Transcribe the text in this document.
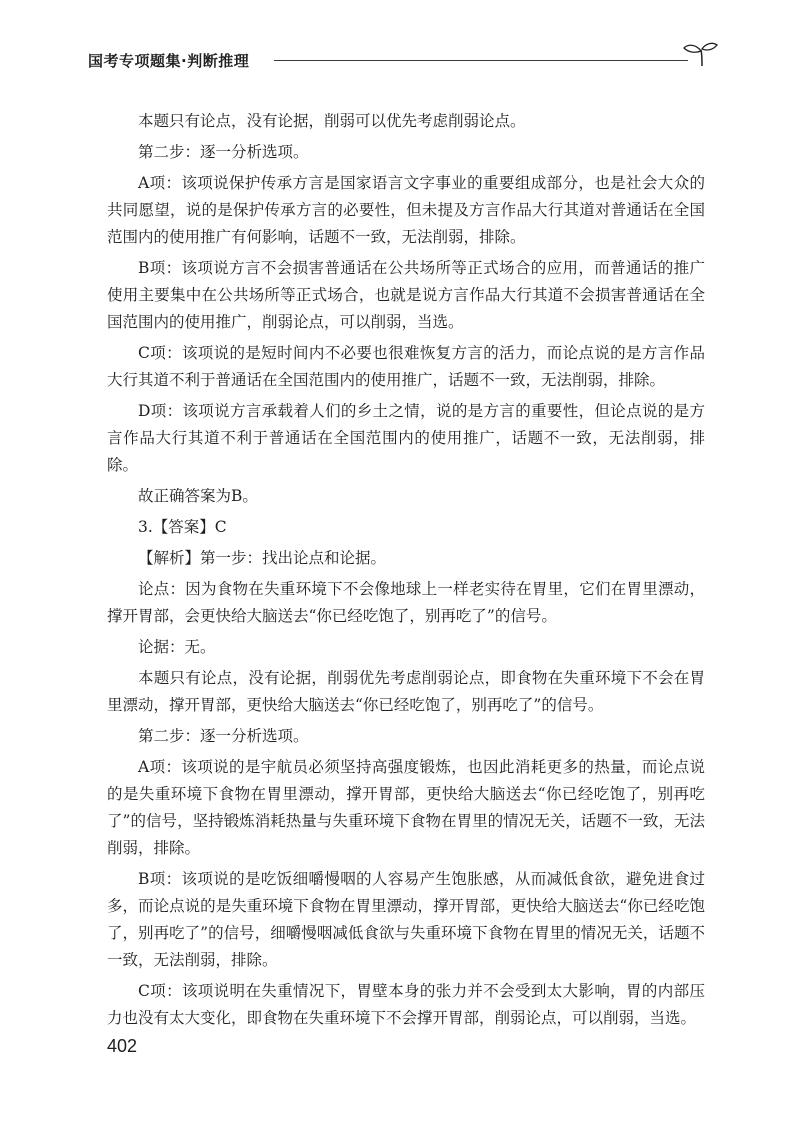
国考专项题集·判断推理

本题只有论点，没有论据，削弱可以优先考虑削弱论点。

第二步：逐一分析选项。

A项：该项说保护传承方言是国家语言文字事业的重要组成部分，也是社会大众的共同愿望，说的是保护传承方言的必要性，但未提及方言作品大行其道对普通话在全国范围内的使用推广有何影响，话题不一致，无法削弱，排除。

B项：该项说方言不会损害普通话在公共场所等正式场合的应用，而普通话的推广使用主要集中在公共场所等正式场合，也就是说方言作品大行其道不会损害普通话在全国范围内的使用推广，削弱论点，可以削弱，当选。

C项：该项说的是短时间内不必要也很难恢复方言的活力，而论点说的是方言作品大行其道不利于普通话在全国范围内的使用推广，话题不一致，无法削弱，排除。

D项：该项说方言承载着人们的乡土之情，说的是方言的重要性，但论点说的是方言作品大行其道不利于普通话在全国范围内的使用推广，话题不一致，无法削弱，排除。

故正确答案为B。

3.【答案】C

【解析】第一步：找出论点和论据。

论点：因为食物在失重环境下不会像地球上一样老实待在胃里，它们在胃里漂动，撑开胃部，会更快给大脑送去“你已经吃饱了，别再吃了”的信号。

论据：无。

本题只有论点，没有论据，削弱优先考虑削弱论点，即食物在失重环境下不会在胃里漂动，撑开胃部，更快给大脑送去“你已经吃饱了，别再吃了”的信号。

第二步：逐一分析选项。

A项：该项说的是宇航员必须坚持高强度锻炼，也因此消耗更多的热量，而论点说的是失重环境下食物在胃里漂动，撑开胃部，更快给大脑送去“你已经吃饱了，别再吃了”的信号，坚持锻炼消耗热量与失重环境下食物在胃里的情况无关，话题不一致，无法削弱，排除。

B项：该项说的是吃饭细嚼慢咽的人容易产生饱胀感，从而减低食欲，避免进食过多，而论点说的是失重环境下食物在胃里漂动，撑开胃部，更快给大脑送去“你已经吃饱了，别再吃了”的信号，细嚼慢咽减低食欲与失重环境下食物在胃里的情况无关，话题不一致，无法削弱，排除。

C项：该项说明在失重情况下，胃壁本身的张力并不会受到太大影响，胃的内部压力也没有太大变化，即食物在失重环境下不会撑开胃部，削弱论点，可以削弱，当选。

402
